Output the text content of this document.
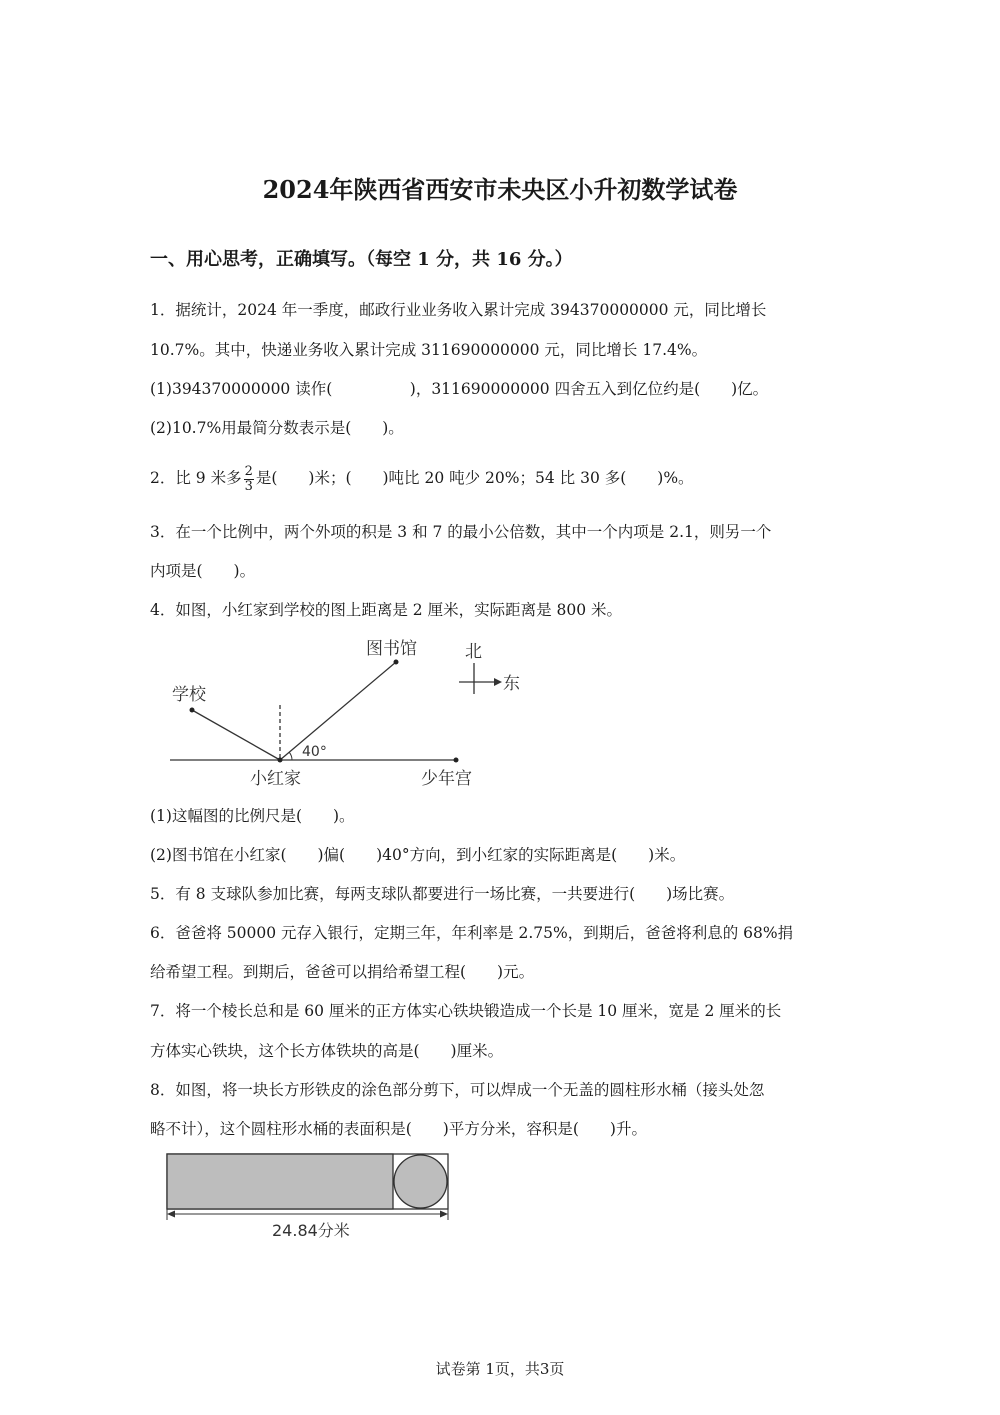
2024年陕西省西安市未央区小升初数学试卷
一、用心思考，正确填写。（每空 1 分，共 16 分。）
1．据统计，2024 年一季度，邮政行业业务收入累计完成 394370000000 元，同比增长
10.7%。其中，快递业务收入累计完成 311690000000 元，同比增长 17.4%。
(1)394370000000 读作(　　　　　)，311690000000 四舍五入到亿位约是(　　)亿。
(2)10.7%用最简分数表示是(　　)。
2．比 9 米多 $\frac{2}{3}$ 是(　　)米；(　　)吨比 20 吨少 20%；54 比 30 多(　　)%。
3．在一个比例中，两个外项的积是 3 和 7 的最小公倍数，其中一个内项是 2.1，则另一个
内项是(　　)。
4．如图，小红家到学校的图上距离是 2 厘米，实际距离是 800 米。
图书馆
学校
40°
小红家	少年宫
北
东
(1)这幅图的比例尺是(　　)。
(2)图书馆在小红家(　　)偏(　　)40°方向，到小红家的实际距离是(　　)米。
5．有 8 支球队参加比赛，每两支球队都要进行一场比赛，一共要进行(　　)场比赛。
6．爸爸将 50000 元存入银行，定期三年，年利率是 2.75%，到期后，爸爸将利息的 68%捐
给希望工程。到期后，爸爸可以捐给希望工程(　　)元。
7．将一个棱长总和是 60 厘米的正方体实心铁块锻造成一个长是 10 厘米，宽是 2 厘米的长
方体实心铁块，这个长方体铁块的高是(　　)厘米。
8．如图，将一块长方形铁皮的涂色部分剪下，可以焊成一个无盖的圆柱形水桶（接头处忽
略不计），这个圆柱形水桶的表面积是(　　)平方分米，容积是(　　)升。
24.84分米
试卷第 1页，共3页
